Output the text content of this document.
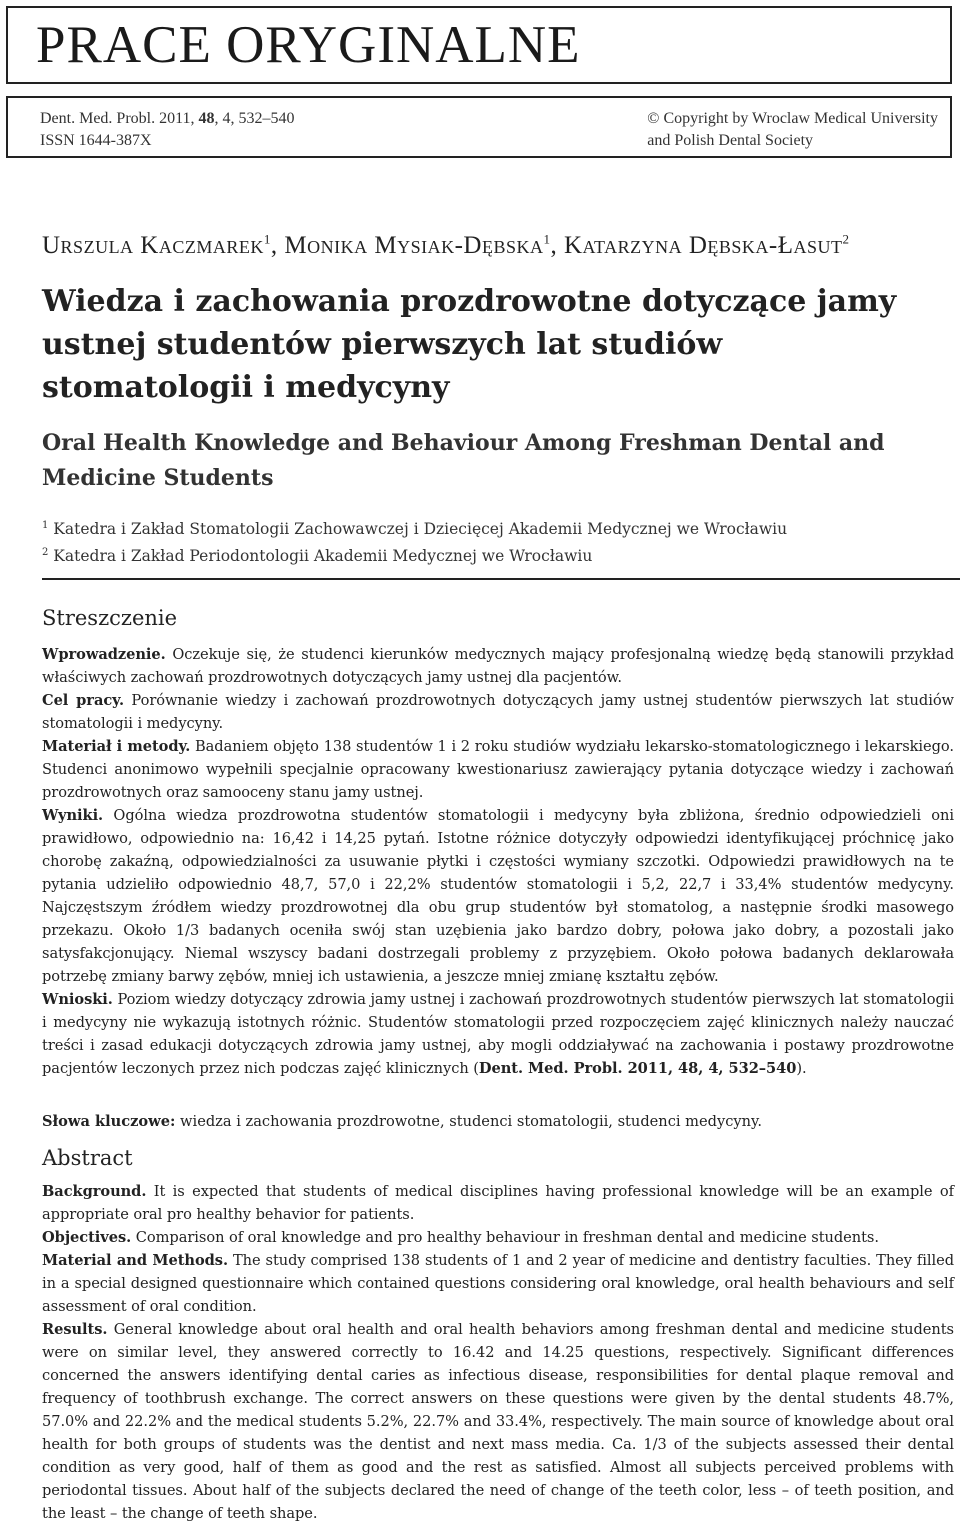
PRACE ORYGINALNE
Dent. Med. Probl. 2011, 48, 4, 532–540
ISSN 1644-387X
© Copyright by Wroclaw Medical University
and Polish Dental Society
Urszula Kaczmarek$^1$, Monika Mysiak-Dębska$^1$, Katarzyna Dębska-Łasut$^2$
Wiedza i zachowania prozdrowotne dotyczące jamy ustnej studentów pierwszych lat studiów stomatologii i medycyny
Oral Health Knowledge and Behaviour Among Freshman Dental and Medicine Students
$^1$ Katedra i Zakład Stomatologii Zachowawczej i Dziecięcej Akademii Medycznej we Wrocławiu
$^2$ Katedra i Zakład Periodontologii Akademii Medycznej we Wrocławiu
Streszczenie

Wprowadzenie. Oczekuje się, że studenci kierunków medycznych mający profesjonalną wiedzę będą stanowili przykład właściwych zachowań prozdrowotnych dotyczących jamy ustnej dla pacjentów.

Cel pracy. Porównanie wiedzy i zachowań prozdrowotnych dotyczących jamy ustnej studentów pierwszych lat studiów stomatologii i medycyny.

Materiał i metody. Badaniem objęto 138 studentów 1 i 2 roku studiów wydziału lekarsko-stomatologicznego i lekarskiego. Studenci anonimowo wypełnili specjalnie opracowany kwestionariusz zawierający pytania dotyczące wiedzy i zachowań prozdrowotnych oraz samooceny stanu jamy ustnej.

Wyniki. Ogólna wiedza prozdrowotna studentów stomatologii i medycyny była zbliżona, średnio odpowiedzieli oni prawidłowo, odpowiednio na: 16,42 i 14,25 pytań. Istotne różnice dotyczyły odpowiedzi identyfikującej próchnicę jako chorobę zakaźną, odpowiedzialności za usuwanie płytki i częstości wymiany szczotki. Odpowiedzi prawidłowych na te pytania udzieliło odpowiednio 48,7, 57,0 i 22,2% studentów stomatologii i 5,2, 22,7 i 33,4% studentów medycyny. Najczęstszym źródłem wiedzy prozdrowotnej dla obu grup studentów był stomatolog, a następnie środki masowego przekazu. Około 1/3 badanych oceniła swój stan uzębienia jako bardzo dobry, połowa jako dobry, a pozostali jako satysfakcjonujący. Niemal wszyscy badani dostrzegali problemy z przyzębiem. Około połowa badanych deklarowała potrzebę zmiany barwy zębów, mniej ich ustawienia, a jeszcze mniej zmianę kształtu zębów.

Wnioski. Poziom wiedzy dotyczący zdrowia jamy ustnej i zachowań prozdrowotnych studentów pierwszych lat stomatologii i medycyny nie wykazują istotnych różnic. Studentów stomatologii przed rozpoczęciem zajęć klinicznych należy nauczać treści i zasad edukacji dotyczących zdrowia jamy ustnej, aby mogli oddziaływać na zachowania i postawy prozdrowotne pacjentów leczonych przez nich podczas zajęć klinicznych (Dent. Med. Probl. 2011, 48, 4, 532–540).

Słowa kluczowe: wiedza i zachowania prozdrowotne, studenci stomatologii, studenci medycyny.
Abstract

Background. It is expected that students of medical disciplines having professional knowledge will be an example of appropriate oral pro healthy behavior for patients.

Objectives. Comparison of oral knowledge and pro healthy behaviour in freshman dental and medicine students.

Material and Methods. The study comprised 138 students of 1 and 2 year of medicine and dentistry faculties. They filled in a special designed questionnaire which contained questions considering oral knowledge, oral health behaviours and self assessment of oral condition.

Results. General knowledge about oral health and oral health behaviors among freshman dental and medicine students were on similar level, they answered correctly to 16.42 and 14.25 questions, respectively. Significant differences concerned the answers identifying dental caries as infectious disease, responsibilities for dental plaque removal and frequency of toothbrush exchange. The correct answers on these questions were given by the dental students 48.7%, 57.0% and 22.2% and the medical students 5.2%, 22.7% and 33.4%, respectively. The main source of knowledge about oral health for both groups of students was the dentist and next mass media. Ca. 1/3 of the subjects assessed their dental condition as very good, half of them as good and the rest as satisfied. Almost all subjects perceived problems with periodontal tissues. About half of the subjects declared the need of change of the teeth color, less – of teeth position, and the least – the change of teeth shape.
